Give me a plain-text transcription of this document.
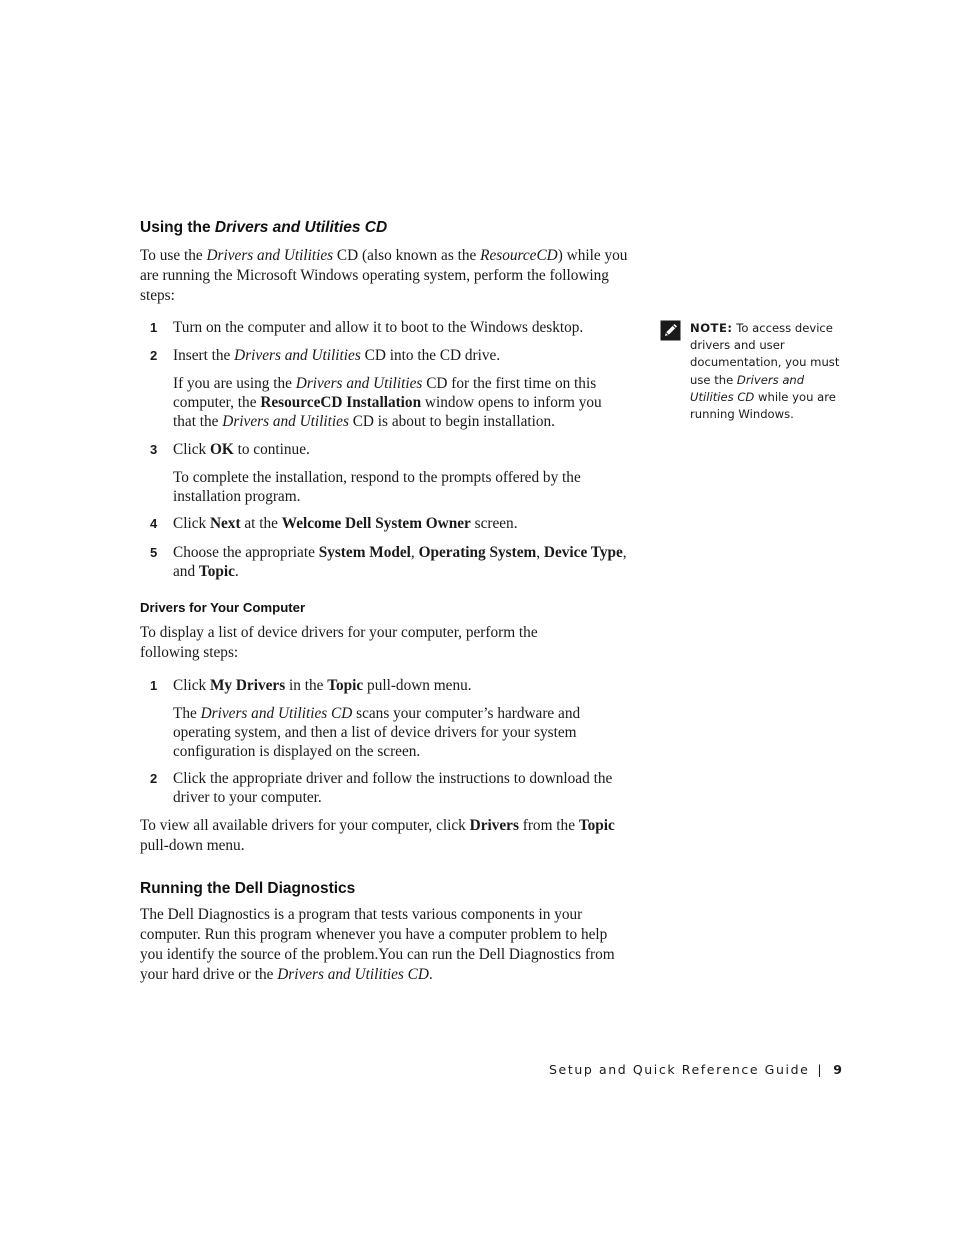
Using the Drivers and Utilities CD
To use the Drivers and Utilities CD (also known as the ResourceCD) while you are running the Microsoft Windows operating system, perform the following steps:
1	Turn on the computer and allow it to boot to the Windows desktop.
2	Insert the Drivers and Utilities CD into the CD drive.
If you are using the Drivers and Utilities CD for the first time on this computer, the ResourceCD Installation window opens to inform you that the Drivers and Utilities CD is about to begin installation.
3	Click OK to continue.
To complete the installation, respond to the prompts offered by the installation program.
4	Click Next at the Welcome Dell System Owner screen.
5	Choose the appropriate System Model, Operating System, Device Type, and Topic.
Drivers for Your Computer
To display a list of device drivers for your computer, perform the following steps:
1	Click My Drivers in the Topic pull-down menu.
The Drivers and Utilities CD scans your computer’s hardware and operating system, and then a list of device drivers for your system configuration is displayed on the screen.
2	Click the appropriate driver and follow the instructions to download the driver to your computer.
To view all available drivers for your computer, click Drivers from the Topic pull-down menu.
Running the Dell Diagnostics
The Dell Diagnostics is a program that tests various components in your computer. Run this program whenever you have a computer problem to help you identify the source of the problem.You can run the Dell Diagnostics from your hard drive or the Drivers and Utilities CD.
NOTE: To access device drivers and user documentation, you must use the Drivers and Utilities CD while you are running Windows.
Setup and Quick Reference Guide | 9
